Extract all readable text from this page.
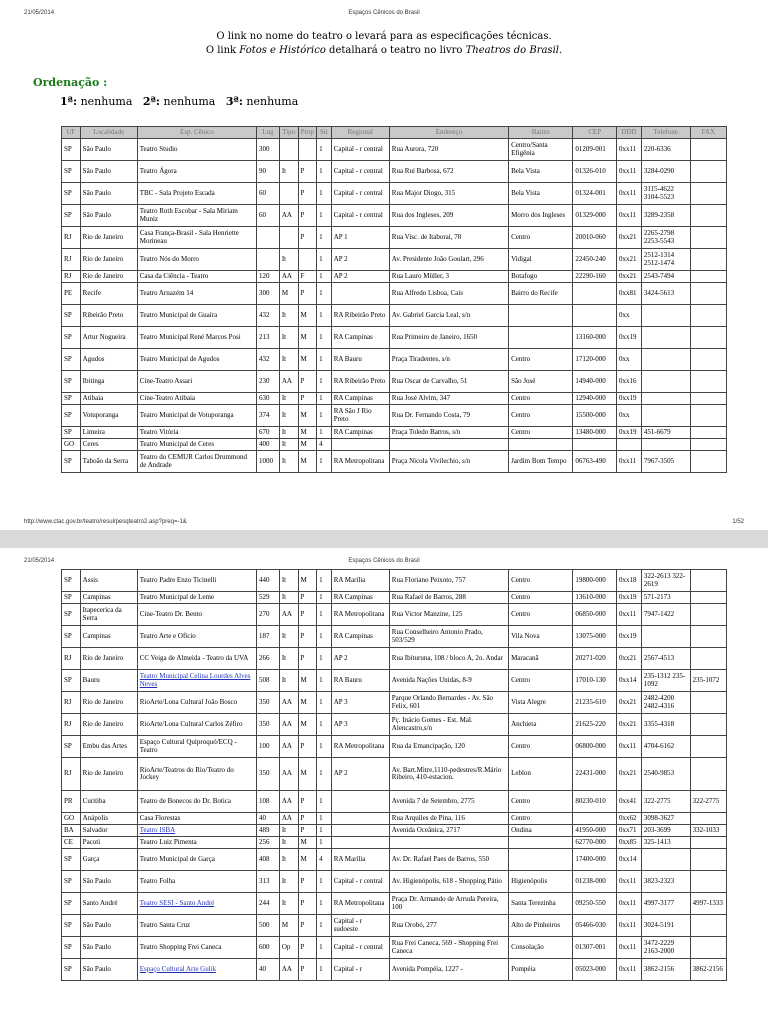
21/05/2014	Espaços Cênicos do Brasil
O link no nome do teatro o levará para as especificações técnicas.
O link Fotos e Histórico detalhará o teatro no livro Theatros do Brasil.
Ordenação :
1ª: nenhuma 2ª: nenhuma 3ª: nenhuma
UF	Localidade	Esp. Cênico	Lug	Tipo	Prop	Sit	Regional	Endereço	Bairro	CEP	DDD	Telefone	FAX
SP	São Paulo	Teatro Studio	300			1	Capital - r central	Rua Aurora, 720	Centro/Santa Efigênia	01209-001	0xx11	220-6336	
SP	São Paulo	Teatro Ágora	90	It	P	1	Capital - r central	Rua Rui Barbosa, 672	Bela Vista	01326-010	0xx11	3284-0290	
SP	São Paulo	TBC - Sala Projeto Escada	60		P	1	Capital - r central	Rua Major Diogo, 315	Bela Vista	01324-001	0xx11	3115-4622 3104-5523	
SP	São Paulo	Teatro Ruth Escobar - Sala Miriam Muniz	60	AA	P	1	Capital - r central	Rua dos Ingleses, 209	Morro dos Ingleses	01329-000	0xx11	3289-2358	
RJ	Rio de Janeiro	Casa França-Brasil - Sala Henriette Morineau			P	1	AP 1	Rua Visc. de Itaboraí, 78	Centro	20010-060	0xx21	2265-2798 2253-5543	
RJ	Rio de Janeiro	Teatro Nós do Morro		It		1	AP 2	Av. Presidente João Goulart, 296	Vidigal	22450-240	0xx21	2512-1314 2512-1474	
RJ	Rio de Janeiro	Casa da Ciência - Teatro	120	AA	F	1	AP 2	Rua Lauro Müller, 3	Botafogo	22290-160	0xx21	2543-7494	
PE	Recife	Teatro Arnazém 14	300	M	P	1		Rua Alfredo Lisboa, Cais	Bairro do Recife		0xx81	3424-5613	
SP	Ribeirão Preto	Teatro Municipal de Guaíra	432	It	M	1	RA Ribeirão Preto	Av. Gabriel Garcia Leal, s/n			0xx		
SP	Artur Nogueira	Teatro Municipal René Marcos Posi	213	It	M	1	RA Campinas	Rua Primeiro de Janeiro, 1650		13160-000	0xx19		
SP	Agudos	Teatro Municipal de Agudos	432	It	M	1	RA Bauru	Praça Tiradentes, s/n	Centro	17120-000	0xx		
SP	Ibitinga	Cine-Teatro Assari	230	AA	P	1	RA Ribeirão Preto	Rua Oscar de Carvalho, 51	São José	14940-000	0xx16		
SP	Atibaia	Cine-Teatro Atibaia	630	It	P	1	RA Campinas	Rua José Alvim, 347	Centro	12940-000	0xx19		
SP	Votuporanga	Teatro Municipal de Votuporanga	374	It	M	1	RA São J Rio Preto	Rua Dr. Fernando Costa, 79	Centro	15500-000	0xx		
SP	Limeira	Teatro Vitória	670	It	M	1	RA Campinas	Praça Toledo Barros, s/n	Centro	13480-000	0xx19	451-6679	
GO	Ceres	Teatro Municipal de Ceres	400	It	M	4							
SP	Taboão da Serra	Teatro do CEMUR Carlos Drummond de Andrade	1000	It	M	1	RA Metropolitana	Praça Nicola Vivilechio, s/n	Jardim Bom Tempo	06763-490	0xx11	7967-3505	
http://www.ctac.gov.br/teatro/resul/pesqteatro2.asp?preq=-1&	1/52
21/05/2014	Espaços Cênicos do Brasil
SP	Assis	Teatro Padre Enzo Ticinelli	440	It	M	1	RA Marília	Rua Floriano Peixoto, 757	Centro	19800-000	0xx18	322-2613 322-2619	
SP	Campinas	Teatro Municipal de Leme	529	It	P	1	RA Campinas	Rua Rafael de Barros, 288	Centro	13610-000	0xx19	571-2173	
SP	Itapecerica da Serra	Cine-Teatro Dr. Bento	270	AA	P	1	RA Metropolitana	Rua Victor Manzine, 125	Centro	06850-000	0xx11	7947-1422	
SP	Campinas	Teatro Arte e Ofício	187	It	P	1	RA Campinas	Rua Conselheiro Antonio Prado, 503/529	Vila Nova	13075-000	0xx19		
RJ	Rio de Janeiro	CC Veiga de Almeida - Teatro da UVA	266	It	P	1	AP 2	Rua Ibituruna, 108 / bloco A, 2o. Andar	Maracanã	20271-020	0xx21	2567-4513	
SP	Bauru	Teatro Municipal Celina Lourdes Alves Neves	508	It	M	1	RA Bauru	Avenida Nações Unidas, 8-9	Centro	17010-130	0xx14	235-1312 235-1092	235-1072
RJ	Rio de Janeiro	RioArte/Lona Cultural João Bosco	350	AA	M	1	AP 3	Parque Orlando Bernardes - Av. São Felix, 601	Vista Alegre	21235-610	0xx21	2482-4200 2482-4316	
RJ	Rio de Janeiro	RioArte/Lona Cultural Carlos Zéfiro	350	AA	M	1	AP 3	Pç. Inácio Gomes - Est. Mal. Alencastro,s/n	Anchieta	21625-220	0xx21	3355-4318	
SP	Embu das Artes	Espaço Cultural Quiproquó/ECQ - Teatro	100	AA	P	1	RA Metropolitana	Rua da Emancipação, 120	Centro	06800-000	0xx11	4704-6162	
RJ	Rio de Janeiro	RioArte/Teatros do Rio/Teatro do Jockey	350	AA	M	1	AP 2	Av. Bart.Mitre,1110-pedestres/R.Mário Ribeiro, 410-estacion.	Leblon	22431-000	0xx21	2540-9853	
PR	Curitiba	Teatro de Bonecos do Dr. Botica	108	AA	P	1		Avenida 7 de Setembro, 2775	Centro	80230-010	0xx41	322-2775	322-2775
GO	Anápolis	Casa Florestas	40	AA	P	1		Rua Arquiles de Pina, 116	Centro		0xx62	3098-3627	
BA	Salvador	Teatro ISBA	489	It	P	1		Avenida Oceânica, 2717	Ondina	41950-000	0xx71	203-3699	332-1033
CE	Pacoti	Teatro Luiz Pimenta	256	It	M	1				62770-000	0xx85	325-1413	
SP	Garça	Teatro Municipal de Garça	408	It	M	4	RA Marília	Av. Dr. Rafael Paes de Barros, 550		17400-000	0xx14		
SP	São Paulo	Teatro Folha	313	It	P	1	Capital - r central	Av. Higienópolis, 618 - Shopping Pátio	Higienópolis	01238-000	0xx11	3823-2323	
SP	Santo André	Teatro SESI - Santo André	244	It	P	1	RA Metropolitana	Praça Dr. Armando de Arruda Pereira, 100	Santa Terezinha	09250-550	0xx11	4997-3177	4997-1333
SP	São Paulo	Teatro Santa Cruz	500	M	P	1	Capital - r sudoeste	Rua Orobó, 277	Alto de Pinheiros	05466-030	0xx11	3024-5191	
SP	São Paulo	Teatro Shopping Frei Caneca	600	Op	P	1	Capital - r central	Rua Frei Caneca, 569 - Shopping Frei Caneca	Consolação	01307-001	0xx11	3472-2229 2163-2000	
SP	São Paulo	Espaço Cultural Arte Gulik	40	AA	P	1	Capital - r	Avenida Pompéia, 1227 -	Pompéia	05023-000	0xx11	3862-2156	3862-2156
